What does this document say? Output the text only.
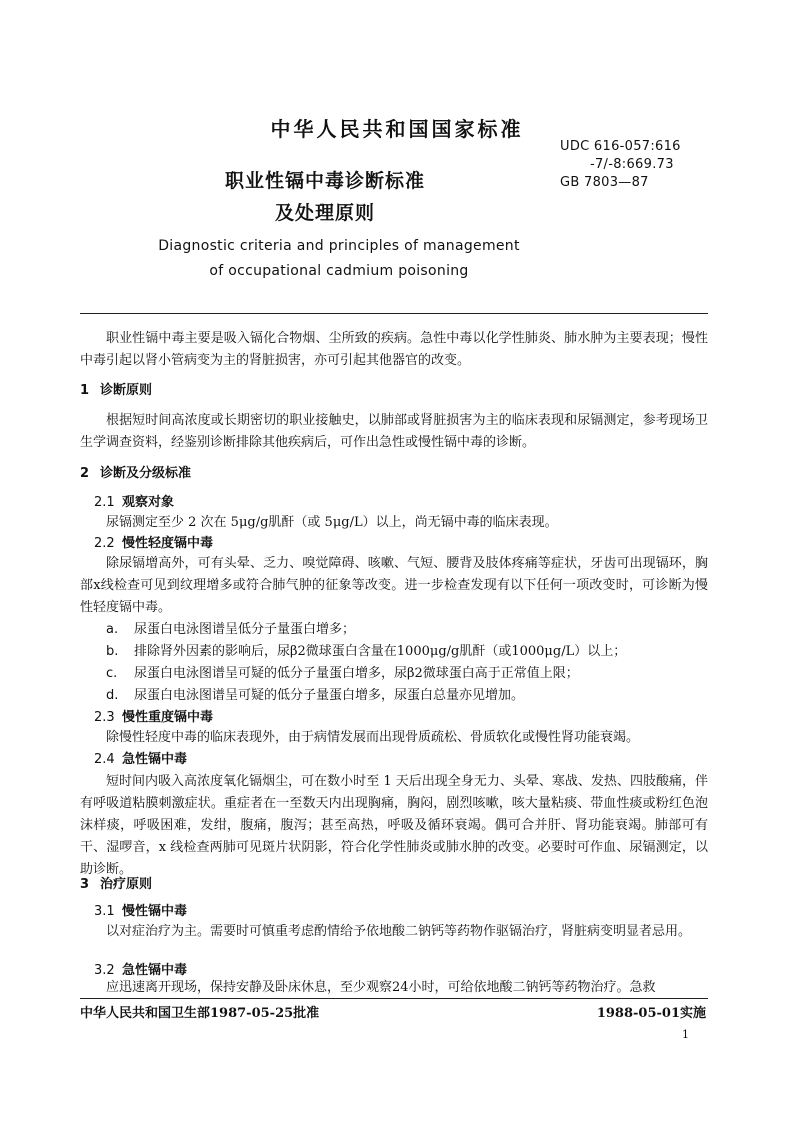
中华人民共和国国家标准
UDC 616-057:616
-7/-8:669.73
GB 7803—87
职业性镉中毒诊断标准
及处理原则
Diagnostic criteria and principles of management
of occupational cadmium poisoning
职业性镉中毒主要是吸入镉化合物烟、尘所致的疾病。急性中毒以化学性肺炎、肺水肿为主要表现；慢性中毒引起以肾小管病变为主的肾脏损害，亦可引起其他器官的改变。
1 诊断原则
根据短时间高浓度或长期密切的职业接触史，以肺部或肾脏损害为主的临床表现和尿镉测定，参考现场卫生学调查资料，经鉴别诊断排除其他疾病后，可作出急性或慢性镉中毒的诊断。
2 诊断及分级标准
2.1 观察对象
尿镉测定至少 2 次在 5μg/g肌酐（或 5μg/L）以上，尚无镉中毒的临床表现。
2.2 慢性轻度镉中毒
除尿镉增高外，可有头晕、乏力、嗅觉障碍、咳嗽、气短、腰背及肢体疼痛等症状，牙齿可出现镉环，胸部x线检查可见到纹理增多或符合肺气肿的征象等改变。进一步检查发现有以下任何一项改变时，可诊断为慢性轻度镉中毒。
a. 尿蛋白电泳图谱呈低分子量蛋白增多；
b. 排除肾外因素的影响后，尿β2微球蛋白含量在1000μg/g肌酐（或1000μg/L）以上；
c. 尿蛋白电泳图谱呈可疑的低分子量蛋白增多，尿β2微球蛋白高于正常值上限；
d. 尿蛋白电泳图谱呈可疑的低分子量蛋白增多，尿蛋白总量亦见增加。
2.3 慢性重度镉中毒
除慢性轻度中毒的临床表现外，由于病情发展而出现骨质疏松、骨质软化或慢性肾功能衰竭。
2.4 急性镉中毒
短时间内吸入高浓度氧化镉烟尘，可在数小时至 1 天后出现全身无力、头晕、寒战、发热、四肢酸痛，伴有呼吸道粘膜刺激症状。重症者在一至数天内出现胸痛，胸闷，剧烈咳嗽，咳大量粘痰、带血性痰或粉红色泡沫样痰，呼吸困难，发绀，腹痛，腹泻；甚至高热，呼吸及循环衰竭。偶可合并肝、肾功能衰竭。肺部可有干、湿啰音，x 线检查两肺可见斑片状阴影，符合化学性肺炎或肺水肿的改变。必要时可作血、尿镉测定，以助诊断。
3 治疗原则
3.1 慢性镉中毒
以对症治疗为主。需要时可慎重考虑酌情给予依地酸二钠钙等药物作驱镉治疗，肾脏病变明显者忌用。
3.2 急性镉中毒
应迅速离开现场，保持安静及卧床休息，至少观察24小时，可给依地酸二钠钙等药物治疗。急救
中华人民共和国卫生部1987-05-25批准	1988-05-01实施
1
